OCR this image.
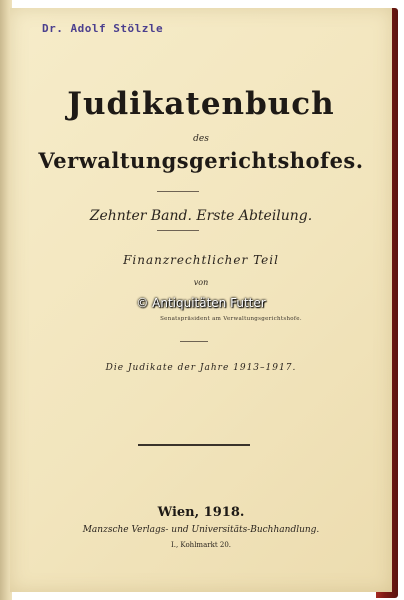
Dr. Adolf Stölzle
Judikatenbuch
des
Verwaltungsgerichtshofes.
Zehnter Band. Erste Abteilung.
Finanzrechtlicher Teil
von
© Antiquitäten Futter
Senatspräsident am Verwaltungsgerichtshofe.
Die Judikate der Jahre 1913–1917.
Wien, 1918.
Manzsche Verlags- und Universitäts-Buchhandlung.
I., Kohlmarkt 20.
